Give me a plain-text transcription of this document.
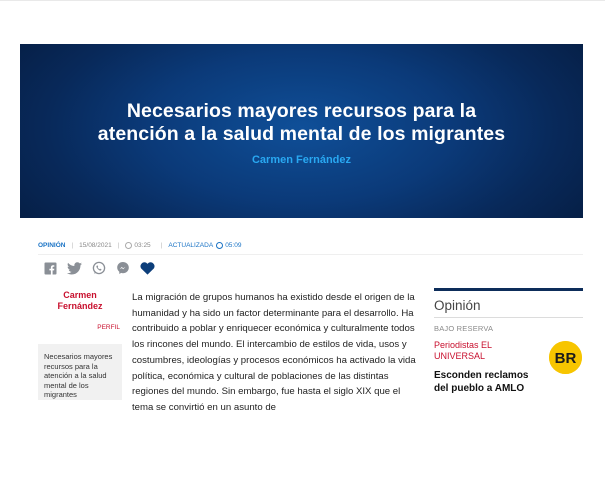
Necesarios mayores recursos para la
atención a la salud mental de los migrantes
Carmen Fernández
OPINIÓN | 15/08/2021 | 03:25 | ACTUALIZADA 05:09
Carmen
Fernández
PERFIL
Necesarios mayores recursos para la atención a la salud mental de los migrantes
La migración de grupos humanos ha existido desde el origen de la humanidad y ha sido un factor determinante para el desarrollo. Ha contribuido a poblar y enriquecer económica y culturalmente todos los rincones del mundo. El intercambio de estilos de vida, usos y costumbres, ideologías y procesos económicos ha activado la vida política, económica y cultural de poblaciones de las distintas regiones del mundo. Sin embargo, fue hasta el siglo XIX que el tema se convirtió en un asunto de
Opinión
BAJO RESERVA
Periodistas EL UNIVERSAL
Esconden reclamos del pueblo a AMLO
BR
